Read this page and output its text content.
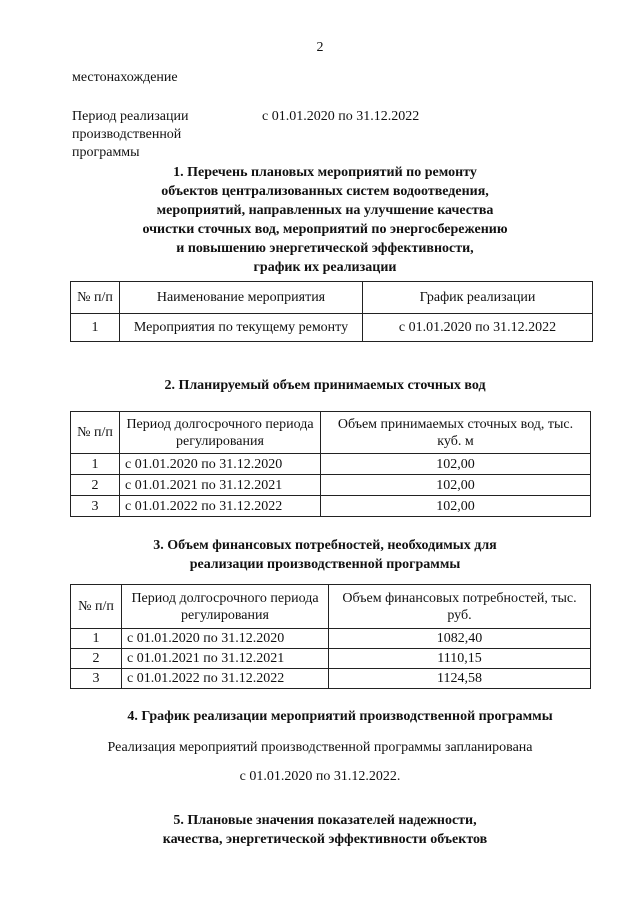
2
местонахождение
Период реализации
производственной
программы
с 01.01.2020 по 31.12.2022
1. Перечень плановых мероприятий по ремонту
объектов централизованных систем водоотведения,
мероприятий, направленных на улучшение качества
очистки сточных вод, мероприятий по энергосбережению
и повышению энергетической эффективности,
график их реализации
№ п/п	Наименование мероприятия	График реализации
1	Мероприятия по текущему ремонту	с 01.01.2020 по 31.12.2022
2. Планируемый объем принимаемых сточных вод
№ п/п	Период долгосрочного периода регулирования	Объем принимаемых сточных вод, тыс. куб. м
1	с 01.01.2020 по 31.12.2020	102,00
2	с 01.01.2021 по 31.12.2021	102,00
3	с 01.01.2022 по 31.12.2022	102,00
3. Объем финансовых потребностей, необходимых для
реализации производственной программы
№ п/п	Период долгосрочного периода регулирования	Объем финансовых потребностей, тыс. руб.
1	с 01.01.2020 по 31.12.2020	1082,40
2	с 01.01.2021 по 31.12.2021	1110,15
3	с 01.01.2022 по 31.12.2022	1124,58
4. График реализации мероприятий производственной программы
Реализация мероприятий производственной программы запланирована
с 01.01.2020 по 31.12.2022.
5. Плановые значения показателей надежности,
качества, энергетической эффективности объектов
